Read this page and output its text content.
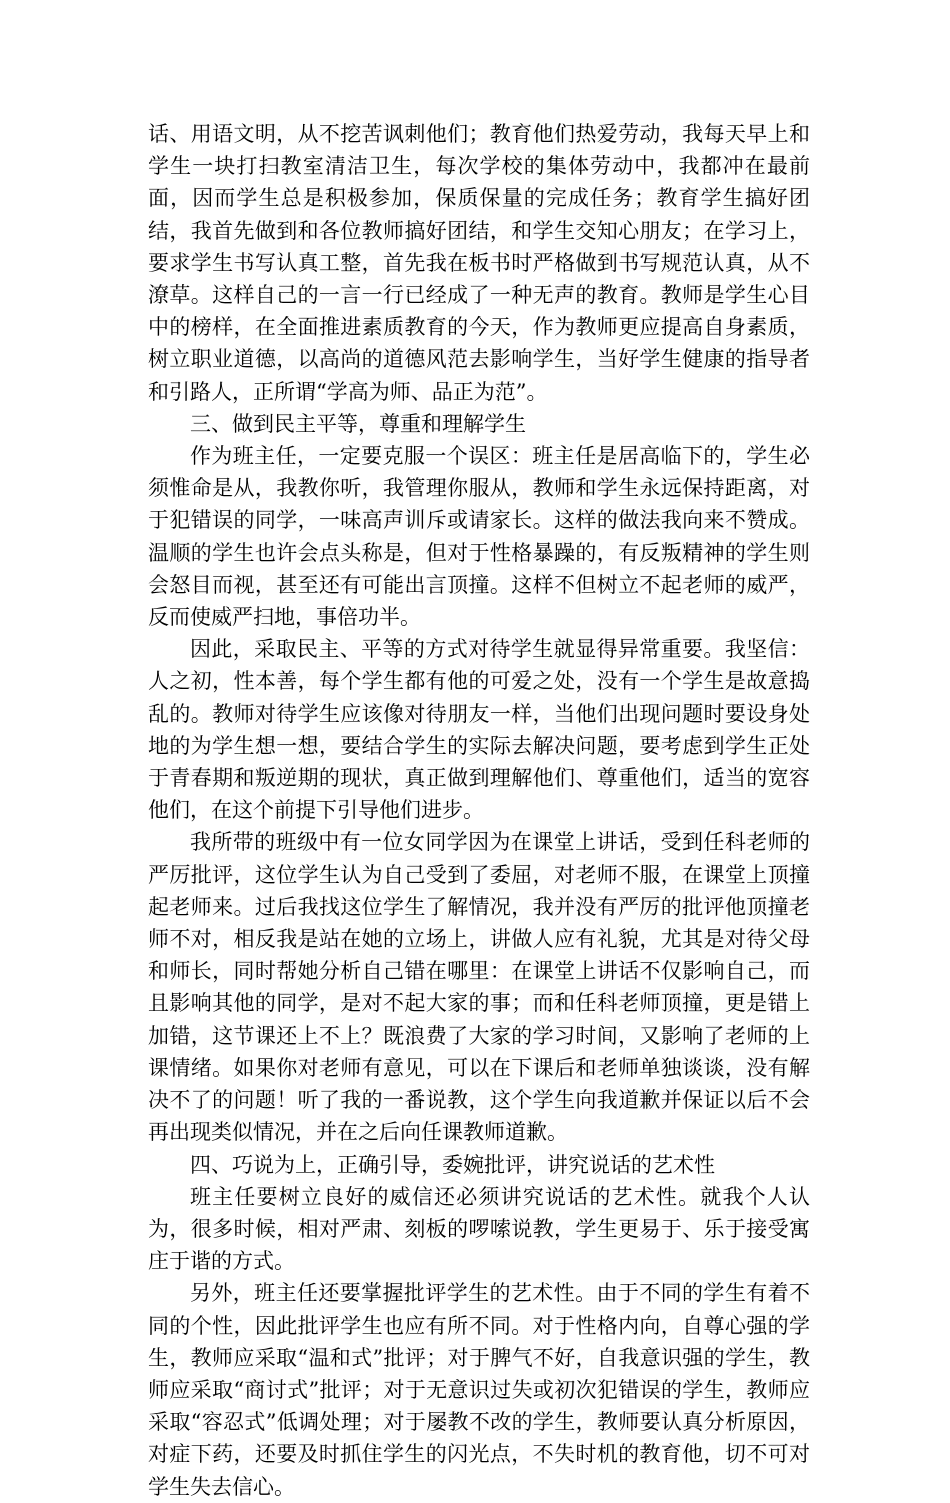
话、用语文明，从不挖苦讽刺他们；教育他们热爱劳动，我每天早上和学生一块打扫教室清洁卫生，每次学校的集体劳动中，我都冲在最前面，因而学生总是积极参加，保质保量的完成任务；教育学生搞好团结，我首先做到和各位教师搞好团结，和学生交知心朋友；在学习上，要求学生书写认真工整，首先我在板书时严格做到书写规范认真，从不潦草。这样自己的一言一行已经成了一种无声的教育。教师是学生心目中的榜样，在全面推进素质教育的今天，作为教师更应提高自身素质，树立职业道德，以高尚的道德风范去影响学生，当好学生健康的指导者和引路人，正所谓“学高为师、品正为范”。

三、做到民主平等，尊重和理解学生

作为班主任，一定要克服一个误区：班主任是居高临下的，学生必须惟命是从，我教你听，我管理你服从，教师和学生永远保持距离，对于犯错误的同学，一味高声训斥或请家长。这样的做法我向来不赞成。温顺的学生也许会点头称是，但对于性格暴躁的，有反叛精神的学生则会怒目而视，甚至还有可能出言顶撞。这样不但树立不起老师的威严，反而使威严扫地，事倍功半。

因此，采取民主、平等的方式对待学生就显得异常重要。我坚信：人之初，性本善，每个学生都有他的可爱之处，没有一个学生是故意捣乱的。教师对待学生应该像对待朋友一样，当他们出现问题时要设身处地的为学生想一想，要结合学生的实际去解决问题，要考虑到学生正处于青春期和叛逆期的现状，真正做到理解他们、尊重他们，适当的宽容他们，在这个前提下引导他们进步。

我所带的班级中有一位女同学因为在课堂上讲话，受到任科老师的严厉批评，这位学生认为自己受到了委屈，对老师不服，在课堂上顶撞起老师来。过后我找这位学生了解情况，我并没有严厉的批评他顶撞老师不对，相反我是站在她的立场上，讲做人应有礼貌，尤其是对待父母和师长，同时帮她分析自己错在哪里：在课堂上讲话不仅影响自己，而且影响其他的同学，是对不起大家的事；而和任科老师顶撞，更是错上加错，这节课还上不上？既浪费了大家的学习时间，又影响了老师的上课情绪。如果你对老师有意见，可以在下课后和老师单独谈谈，没有解决不了的问题！听了我的一番说教，这个学生向我道歉并保证以后不会再出现类似情况，并在之后向任课教师道歉。

四、巧说为上，正确引导，委婉批评，讲究说话的艺术性

班主任要树立良好的威信还必须讲究说话的艺术性。就我个人认为，很多时候，相对严肃、刻板的啰嗦说教，学生更易于、乐于接受寓庄于谐的方式。

另外，班主任还要掌握批评学生的艺术性。由于不同的学生有着不同的个性，因此批评学生也应有所不同。对于性格内向，自尊心强的学生，教师应采取“温和式”批评；对于脾气不好，自我意识强的学生，教师应采取“商讨式”批评；对于无意识过失或初次犯错误的学生，教师应采取“容忍式”低调处理；对于屡教不改的学生，教师要认真分析原因，对症下药，还要及时抓住学生的闪光点，不失时机的教育他，切不可对学生失去信心。
